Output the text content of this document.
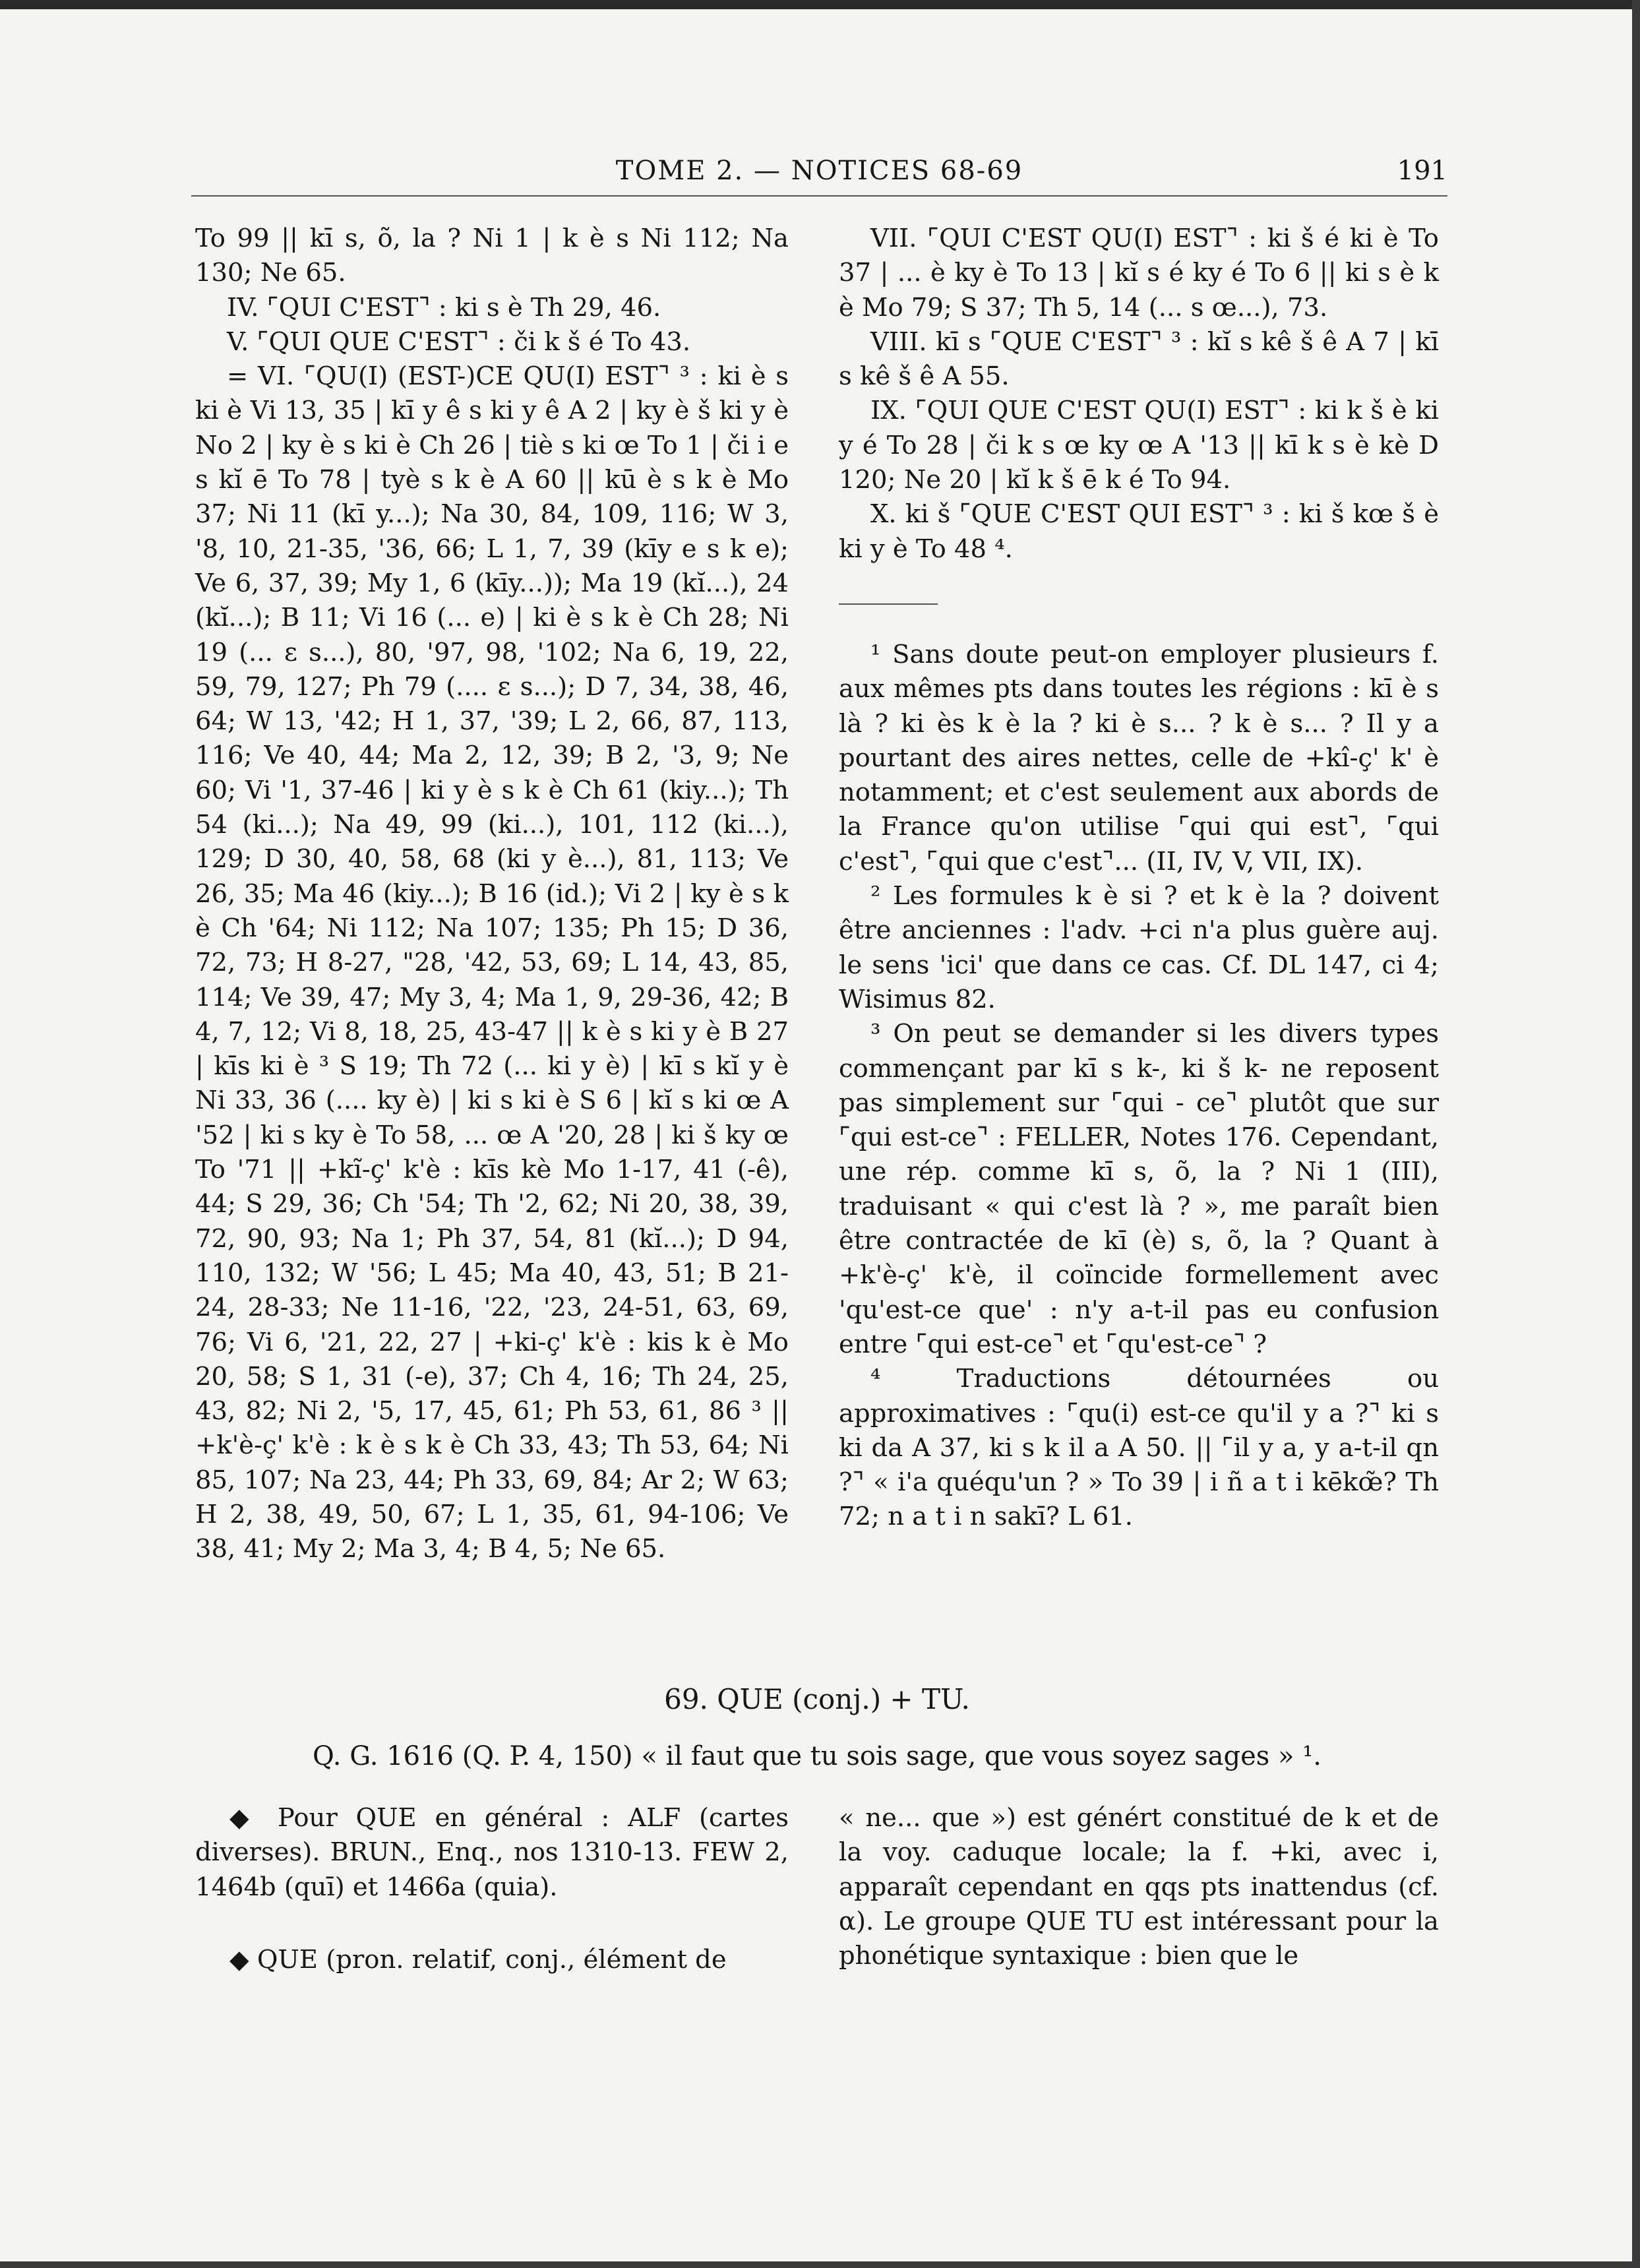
TOME 2. — NOTICES 68-69	191

To 99 || kī s, õ, la ? Ni 1 | k è s Ni 112; Na 130; Ne 65.

IV. ⌜QUI C'EST⌝ : ki s è Th 29, 46.

V. ⌜QUI QUE C'EST⌝ : či k š é To 43.

= VI. ⌜QU(I) (EST-)CE QU(I) EST⌝ ³ : ki è s ki è Vi 13, 35 | kī y ê s ki y ê A 2 | ky è š ki y è No 2 | ky è s ki è Ch 26 | tiè s ki œ To 1 | či i e s kĭ ē To 78 | tyè s k è A 60 || kū è s k è Mo 37; Ni 11 (kī y...); Na 30, 84, 109, 116; W 3, '8, 10, 21-35, '36, 66; L 1, 7, 39 (kīy e s k e); Ve 6, 37, 39; My 1, 6 (kīy...)); Ma 19 (kĭ...), 24 (kĭ...); B 11; Vi 16 (... e) | ki è s k è Ch 28; Ni 19 (... ε s...), 80, '97, 98, '102; Na 6, 19, 22, 59, 79, 127; Ph 79 (.... ε s...); D 7, 34, 38, 46, 64; W 13, '42; H 1, 37, '39; L 2, 66, 87, 113, 116; Ve 40, 44; Ma 2, 12, 39; B 2, '3, 9; Ne 60; Vi '1, 37-46 | ki y è s k è Ch 61 (kiy...); Th 54 (ki...); Na 49, 99 (ki...), 101, 112 (ki...), 129; D 30, 40, 58, 68 (ki y è...), 81, 113; Ve 26, 35; Ma 46 (kiy...); B 16 (id.); Vi 2 | ky è s k è Ch '64; Ni 112; Na 107; 135; Ph 15; D 36, 72, 73; H 8-27, "28, '42, 53, 69; L 14, 43, 85, 114; Ve 39, 47; My 3, 4; Ma 1, 9, 29-36, 42; B 4, 7, 12; Vi 8, 18, 25, 43-47 || k è s ki y è B 27 | kīs ki è ³ S 19; Th 72 (... ki y è) | kī s kĭ y è Ni 33, 36 (.... ky è) | ki s ki è S 6 | kĭ s ki œ A '52 | ki s ky è To 58, ... œ A '20, 28 | ki š ky œ To '71 || +kĩ-ç' k'è : kīs kè Mo 1-17, 41 (-ê), 44; S 29, 36; Ch '54; Th '2, 62; Ni 20, 38, 39, 72, 90, 93; Na 1; Ph 37, 54, 81 (kĭ...); D 94, 110, 132; W '56; L 45; Ma 40, 43, 51; B 21-24, 28-33; Ne 11-16, '22, '23, 24-51, 63, 69, 76; Vi 6, '21, 22, 27 | +ki-ç' k'è : kis k è Mo 20, 58; S 1, 31 (-e), 37; Ch 4, 16; Th 24, 25, 43, 82; Ni 2, '5, 17, 45, 61; Ph 53, 61, 86 ³ || +k'è-ç' k'è : k è s k è Ch 33, 43; Th 53, 64; Ni 85, 107; Na 23, 44; Ph 33, 69, 84; Ar 2; W 63; H 2, 38, 49, 50, 67; L 1, 35, 61, 94-106; Ve 38, 41; My 2; Ma 3, 4; B 4, 5; Ne 65.

VII. ⌜QUI C'EST QU(I) EST⌝ : ki š é ki è To 37 | ... è ky è To 13 | kĭ s é ky é To 6 || ki s è k è Mo 79; S 37; Th 5, 14 (... s œ...), 73.

VIII. kī s ⌜QUE C'EST⌝ ³ : kĭ s kê š ê A 7 | kī s kê š ê A 55.

IX. ⌜QUI QUE C'EST QU(I) EST⌝ : ki k š è ki y é To 28 | či k s œ ky œ A '13 || kī k s è kè D 120; Ne 20 | kĭ k š ē k é To 94.

X. ki š ⌜QUE C'EST QUI EST⌝ ³ : ki š kœ š è ki y è To 48 ⁴.

¹ Sans doute peut-on employer plusieurs f. aux mêmes pts dans toutes les régions : kī è s là ? ki ès k è la ? ki è s... ? k è s... ? Il y a pourtant des aires nettes, celle de +kî-ç' k' è notamment; et c'est seulement aux abords de la France qu'on utilise ⌜qui qui est⌝, ⌜qui c'est⌝, ⌜qui que c'est⌝... (II, IV, V, VII, IX).

² Les formules k è si ? et k è la ? doivent être anciennes : l'adv. +ci n'a plus guère auj. le sens 'ici' que dans ce cas. Cf. DL 147, ci 4; Wisimus 82.

³ On peut se demander si les divers types commençant par kī s k-, ki š k- ne reposent pas simplement sur ⌜qui - ce⌝ plutôt que sur ⌜qui est-ce⌝ : FELLER, Notes 176. Cependant, une rép. comme kī s, õ, la ? Ni 1 (III), traduisant « qui c'est là ? », me paraît bien être contractée de kī (è) s, õ, la ? Quant à +k'è-ç' k'è, il coïncide formellement avec 'qu'est-ce que' : n'y a-t-il pas eu confusion entre ⌜qui est-ce⌝ et ⌜qu'est-ce⌝ ?

⁴ Traductions détournées ou approximatives : ⌜qu(i) est-ce qu'il y a ?⌝ ki s ki da A 37, ki s k il a A 50. || ⌜il y a, y a-t-il qn ?⌝ « i'a quéqu'un ? » To 39 | i ñ a t i kēkœ̃? Th 72; n a t i n sakī? L 61.

69. QUE (conj.) + TU.
Q. G. 1616 (Q. P. 4, 150) « il faut que tu sois sage, que vous soyez sages » ¹.

◆ Pour QUE en général : ALF (cartes diverses). BRUN., Enq., nos 1310-13. FEW 2, 1464b (quī) et 1466a (quia).

◆ QUE (pron. relatif, conj., élément de

« ne... que ») est génért constitué de k et de la voy. caduque locale; la f. +ki, avec i, apparaît cependant en qqs pts inattendus (cf. α). Le groupe QUE TU est intéressant pour la phonétique syntaxique : bien que le
